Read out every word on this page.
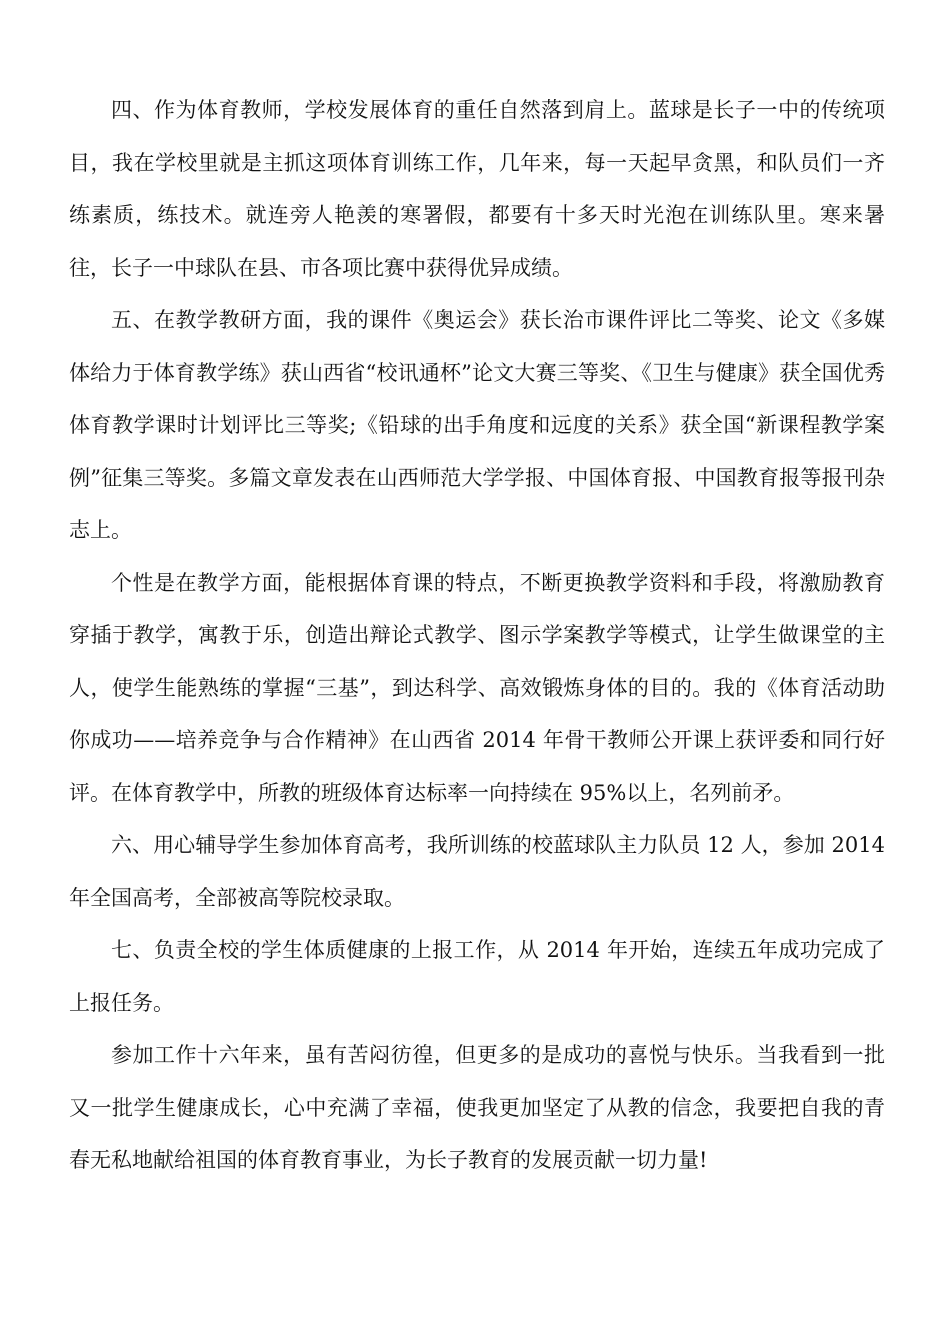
四、作为体育教师，学校发展体育的重任自然落到肩上。蓝球是长子一中的传统项目，我在学校里就是主抓这项体育训练工作，几年来，每一天起早贪黑，和队员们一齐练素质，练技术。就连旁人艳羡的寒署假，都要有十多天时光泡在训练队里。寒来暑往，长子一中球队在县、市各项比赛中获得优异成绩。

五、在教学教研方面，我的课件《奥运会》获长治市课件评比二等奖、论文《多媒体给力于体育教学练》获山西省“校讯通杯”论文大赛三等奖、《卫生与健康》获全国优秀体育教学课时计划评比三等奖;《铅球的出手角度和远度的关系》获全国“新课程教学案例”征集三等奖。多篇文章发表在山西师范大学学报、中国体育报、中国教育报等报刊杂志上。

个性是在教学方面，能根据体育课的特点，不断更换教学资料和手段，将激励教育穿插于教学，寓教于乐，创造出辩论式教学、图示学案教学等模式，让学生做课堂的主人，使学生能熟练的掌握“三基”，到达科学、高效锻炼身体的目的。我的《体育活动助你成功——培养竞争与合作精神》在山西省 2014 年骨干教师公开课上获评委和同行好评。在体育教学中，所教的班级体育达标率一向持续在 95%以上，名列前矛。

六、用心辅导学生参加体育高考，我所训练的校蓝球队主力队员 12 人，参加 2014 年全国高考，全部被高等院校录取。

七、负责全校的学生体质健康的上报工作，从 2014 年开始，连续五年成功完成了上报任务。

参加工作十六年来，虽有苦闷彷徨，但更多的是成功的喜悦与快乐。当我看到一批又一批学生健康成长，心中充满了幸福，使我更加坚定了从教的信念，我要把自我的青春无私地献给祖国的体育教育事业，为长子教育的发展贡献一切力量!
